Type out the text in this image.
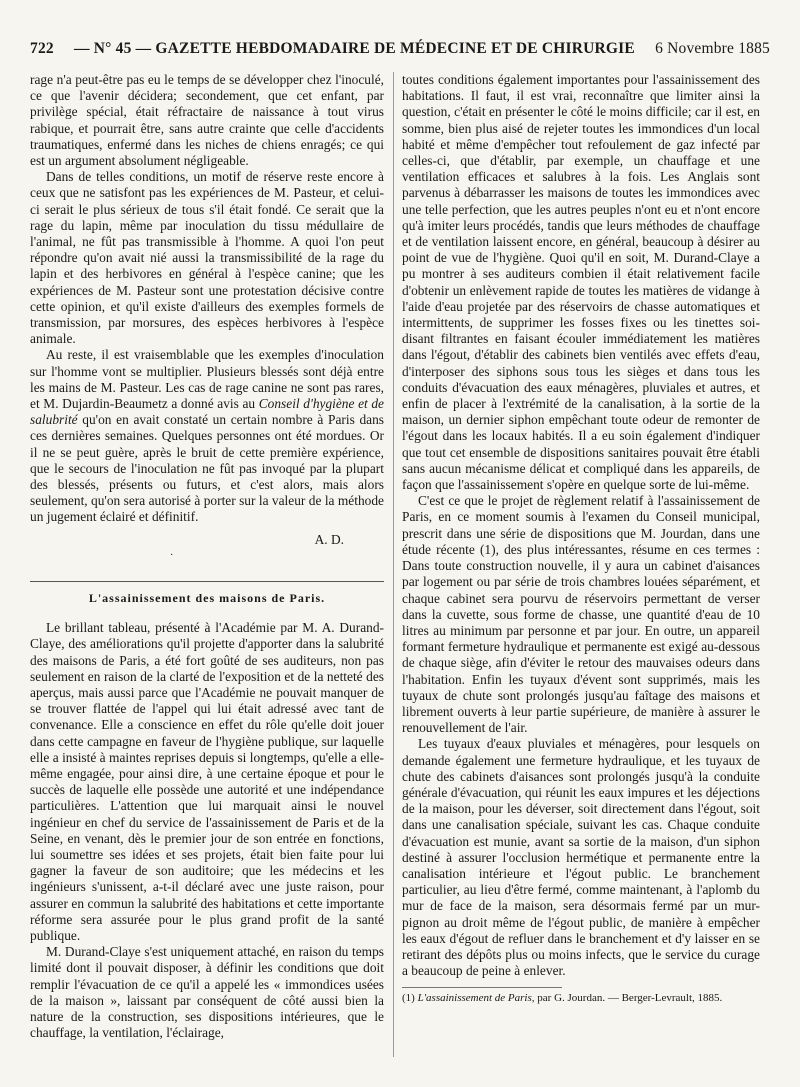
722	— N° 45 — GAZETTE HEBDOMADAIRE DE MÉDECINE ET DE CHIRURGIE	6 Novembre 1885

rage n'a peut-être pas eu le temps de se développer chez l'inoculé, ce que l'avenir décidera; secondement, que cet enfant, par privilège spécial, était réfractaire de naissance à tout virus rabique, et pourrait être, sans autre crainte que celle d'accidents traumatiques, enfermé dans les niches de chiens enragés; ce qui est un argument absolument négligeable.

Dans de telles conditions, un motif de réserve reste encore à ceux que ne satisfont pas les expériences de M. Pasteur, et celui-ci serait le plus sérieux de tous s'il était fondé. Ce serait que la rage du lapin, même par inoculation du tissu médullaire de l'animal, ne fût pas transmissible à l'homme. A quoi l'on peut répondre qu'on avait nié aussi la transmissibilité de la rage du lapin et des herbivores en général à l'espèce canine; que les expériences de M. Pasteur sont une protestation décisive contre cette opinion, et qu'il existe d'ailleurs des exemples formels de transmission, par morsures, des espèces herbivores à l'espèce animale.

Au reste, il est vraisemblable que les exemples d'inoculation sur l'homme vont se multiplier. Plusieurs blessés sont déjà entre les mains de M. Pasteur. Les cas de rage canine ne sont pas rares, et M. Dujardin-Beaumetz a donné avis au Conseil d'hygiène et de salubrité qu'on en avait constaté un certain nombre à Paris dans ces dernières semaines. Quelques personnes ont été mordues. Or il ne se peut guère, après le bruit de cette première expérience, que le secours de l'inoculation ne fût pas invoqué par la plupart des blessés, présents ou futurs, et c'est alors, mais alors seulement, qu'on sera autorisé à porter sur la valeur de la méthode un jugement éclairé et définitif.

A. D.
·
L'assainissement des maisons de Paris.

Le brillant tableau, présenté à l'Académie par M. A. Durand-Claye, des améliorations qu'il projette d'apporter dans la salubrité des maisons de Paris, a été fort goûté de ses auditeurs, non pas seulement en raison de la clarté de l'exposition et de la netteté des aperçus, mais aussi parce que l'Académie ne pouvait manquer de se trouver flattée de l'appel qui lui était adressé avec tant de convenance. Elle a conscience en effet du rôle qu'elle doit jouer dans cette campagne en faveur de l'hygiène publique, sur laquelle elle a insisté à maintes reprises depuis si longtemps, qu'elle a elle-même engagée, pour ainsi dire, à une certaine époque et pour le succès de laquelle elle possède une autorité et une indépendance particulières. L'attention que lui marquait ainsi le nouvel ingénieur en chef du service de l'assainissement de Paris et de la Seine, en venant, dès le premier jour de son entrée en fonctions, lui soumettre ses idées et ses projets, était bien faite pour lui gagner la faveur de son auditoire; que les médecins et les ingénieurs s'unissent, a-t-il déclaré avec une juste raison, pour assurer en commun la salubrité des habitations et cette importante réforme sera assurée pour le plus grand profit de la santé publique.

M. Durand-Claye s'est uniquement attaché, en raison du temps limité dont il pouvait disposer, à définir les conditions que doit remplir l'évacuation de ce qu'il a appelé les « immondices usées de la maison », laissant par conséquent de côté aussi bien la nature de la construction, ses dispositions intérieures, que le chauffage, la ventilation, l'éclairage,

toutes conditions également importantes pour l'assainissement des habitations. Il faut, il est vrai, reconnaître que limiter ainsi la question, c'était en présenter le côté le moins difficile; car il est, en somme, bien plus aisé de rejeter toutes les immondices d'un local habité et même d'empêcher tout refoulement de gaz infecté par celles-ci, que d'établir, par exemple, un chauffage et une ventilation efficaces et salubres à la fois. Les Anglais sont parvenus à débarrasser les maisons de toutes les immondices avec une telle perfection, que les autres peuples n'ont eu et n'ont encore qu'à imiter leurs procédés, tandis que leurs méthodes de chauffage et de ventilation laissent encore, en général, beaucoup à désirer au point de vue de l'hygiène. Quoi qu'il en soit, M. Durand-Claye a pu montrer à ses auditeurs combien il était relativement facile d'obtenir un enlèvement rapide de toutes les matières de vidange à l'aide d'eau projetée par des réservoirs de chasse automatiques et intermittents, de supprimer les fosses fixes ou les tinettes soi-disant filtrantes en faisant écouler immédiatement les matières dans l'égout, d'établir des cabinets bien ventilés avec effets d'eau, d'interposer des siphons sous tous les sièges et dans tous les conduits d'évacuation des eaux ménagères, pluviales et autres, et enfin de placer à l'extrémité de la canalisation, à la sortie de la maison, un dernier siphon empêchant toute odeur de remonter de l'égout dans les locaux habités. Il a eu soin également d'indiquer que tout cet ensemble de dispositions sanitaires pouvait être établi sans aucun mécanisme délicat et compliqué dans les appareils, de façon que l'assainissement s'opère en quelque sorte de lui-même.

C'est ce que le projet de règlement relatif à l'assainissement de Paris, en ce moment soumis à l'examen du Conseil municipal, prescrit dans une série de dispositions que M. Jourdan, dans une étude récente (1), des plus intéressantes, résume en ces termes : Dans toute construction nouvelle, il y aura un cabinet d'aisances par logement ou par série de trois chambres louées séparément, et chaque cabinet sera pourvu de réservoirs permettant de verser dans la cuvette, sous forme de chasse, une quantité d'eau de 10 litres au minimum par personne et par jour. En outre, un appareil formant fermeture hydraulique et permanente est exigé au-dessous de chaque siège, afin d'éviter le retour des mauvaises odeurs dans l'habitation. Enfin les tuyaux d'évent sont supprimés, mais les tuyaux de chute sont prolongés jusqu'au faîtage des maisons et librement ouverts à leur partie supérieure, de manière à assurer le renouvellement de l'air.

Les tuyaux d'eaux pluviales et ménagères, pour lesquels on demande également une fermeture hydraulique, et les tuyaux de chute des cabinets d'aisances sont prolongés jusqu'à la conduite générale d'évacuation, qui réunit les eaux impures et les déjections de la maison, pour les déverser, soit directement dans l'égout, soit dans une canalisation spéciale, suivant les cas. Chaque conduite d'évacuation est munie, avant sa sortie de la maison, d'un siphon destiné à assurer l'occlusion hermétique et permanente entre la canalisation intérieure et l'égout public. Le branchement particulier, au lieu d'être fermé, comme maintenant, à l'aplomb du mur de face de la maison, sera désormais fermé par un mur-pignon au droit même de l'égout public, de manière à empêcher les eaux d'égout de refluer dans le branchement et d'y laisser en se retirant des dépôts plus ou moins infects, que le service du curage a beaucoup de peine à enlever.

(1) L'assainissement de Paris, par G. Jourdan. — Berger-Levrault, 1885.
